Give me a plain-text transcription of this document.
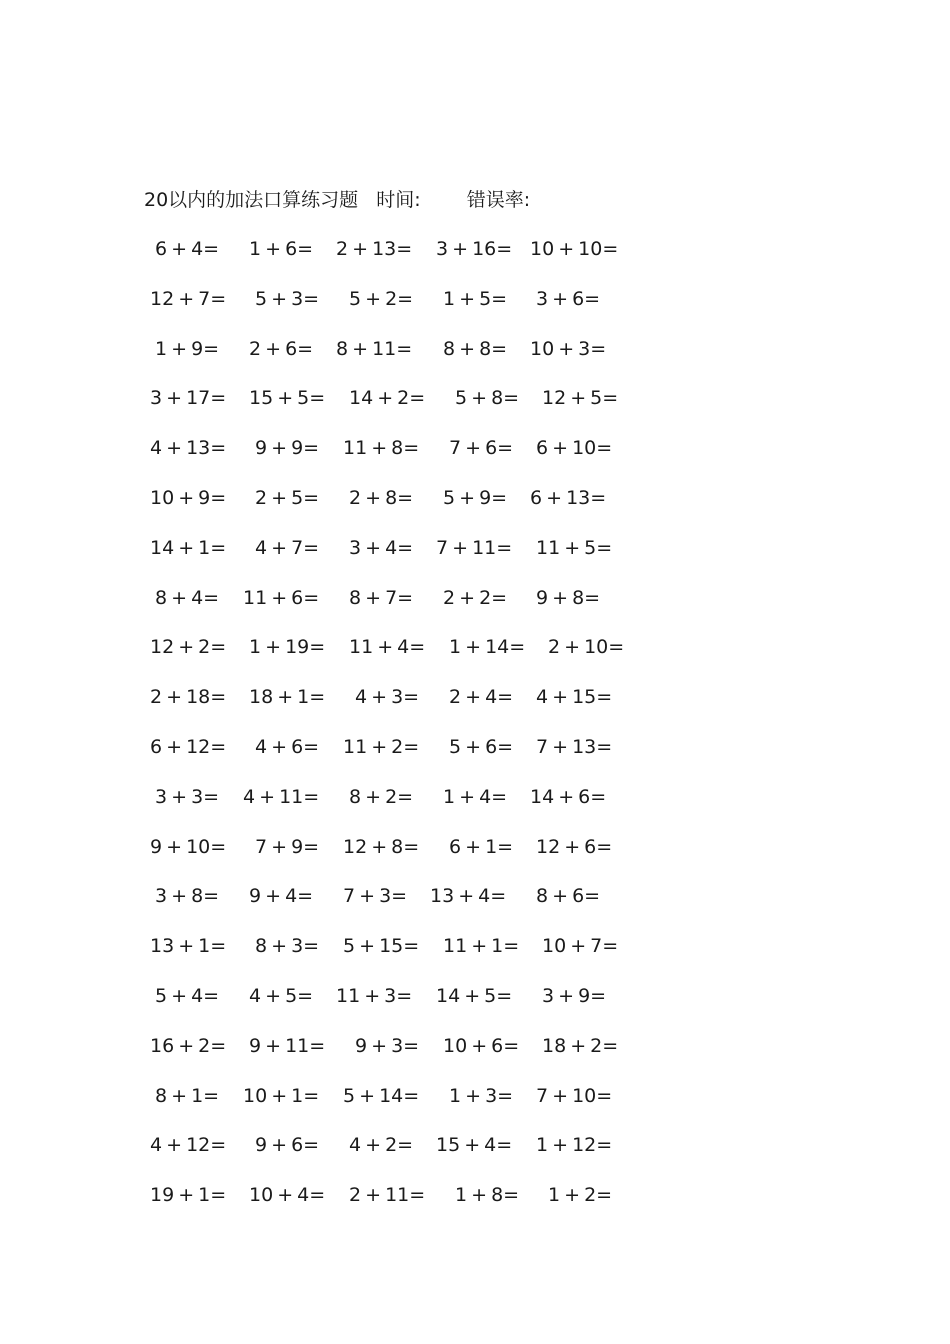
20以内的加法口算练习题 时间: 错误率:
6 + 4= 1 + 6= 2 + 13= 3 + 16= 10 + 10=
12 + 7= 5 + 3= 5 + 2= 1 + 5= 3 + 6=
1 + 9= 2 + 6= 8 + 11= 8 + 8= 10 + 3=
3 + 17= 15 + 5= 14 + 2= 5 + 8= 12 + 5=
4 + 13= 9 + 9= 11 + 8= 7 + 6= 6 + 10=
10 + 9= 2 + 5= 2 + 8= 5 + 9= 6 + 13=
14 + 1= 4 + 7= 3 + 4= 7 + 11= 11 + 5=
8 + 4= 11 + 6= 8 + 7= 2 + 2= 9 + 8=
12 + 2= 1 + 19= 11 + 4= 1 + 14= 2 + 10=
2 + 18= 18 + 1= 4 + 3= 2 + 4= 4 + 15=
6 + 12= 4 + 6= 11 + 2= 5 + 6= 7 + 13=
3 + 3= 4 + 11= 8 + 2= 1 + 4= 14 + 6=
9 + 10= 7 + 9= 12 + 8= 6 + 1= 12 + 6=
3 + 8= 9 + 4= 7 + 3= 13 + 4= 8 + 6=
13 + 1= 8 + 3= 5 + 15= 11 + 1= 10 + 7=
5 + 4= 4 + 5= 11 + 3= 14 + 5= 3 + 9=
16 + 2= 9 + 11= 9 + 3= 10 + 6= 18 + 2=
8 + 1= 10 + 1= 5 + 14= 1 + 3= 7 + 10=
4 + 12= 9 + 6= 4 + 2= 15 + 4= 1 + 12=
19 + 1= 10 + 4= 2 + 11= 1 + 8= 1 + 2=
